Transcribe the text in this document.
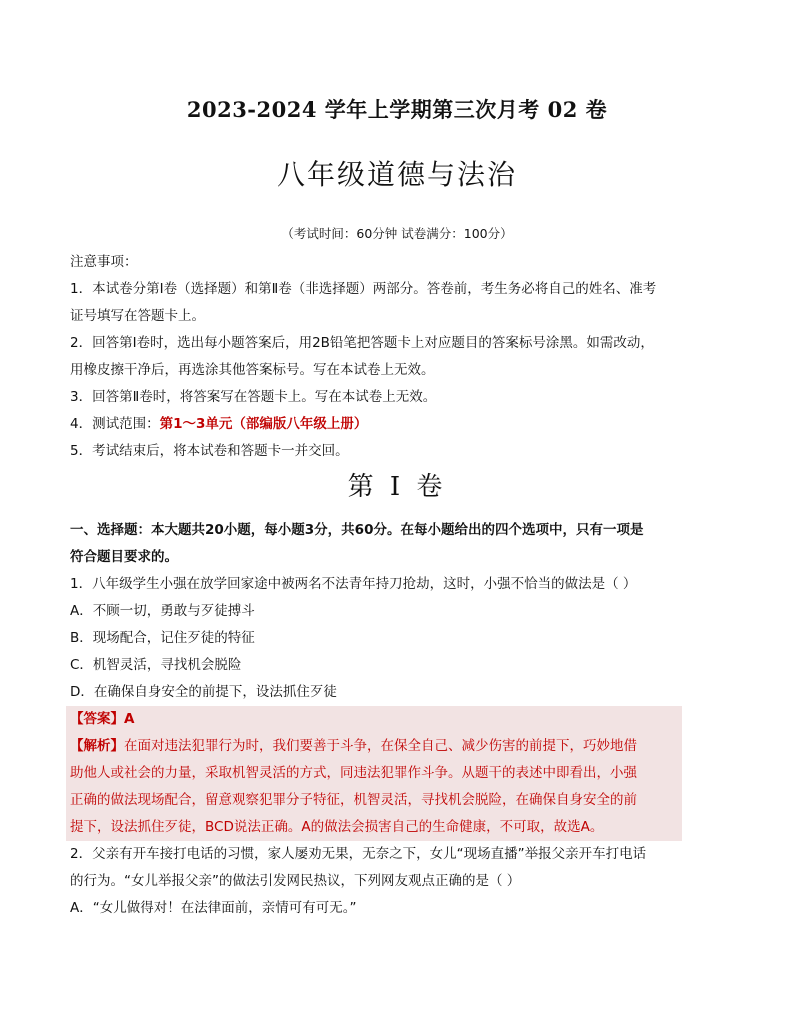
2023-2024 学年上学期第三次月考 02 卷
八年级道德与法治
（考试时间：60分钟 试卷满分：100分）
注意事项：
1．本试卷分第Ⅰ卷（选择题）和第Ⅱ卷（非选择题）两部分。答卷前，考生务必将自己的姓名、准考
证号填写在答题卡上。
2．回答第Ⅰ卷时，选出每小题答案后，用2B铅笔把答题卡上对应题目的答案标号涂黑。如需改动，
用橡皮擦干净后，再选涂其他答案标号。写在本试卷上无效。
3．回答第Ⅱ卷时，将答案写在答题卡上。写在本试卷上无效。
4．测试范围：第1～3单元（部编版八年级上册）
5．考试结束后，将本试卷和答题卡一并交回。
第 I 卷
一、选择题：本大题共20小题，每小题3分，共60分。在每小题给出的四个选项中，只有一项是
符合题目要求的。
1．八年级学生小强在放学回家途中被两名不法青年持刀抢劫，这时，小强不恰当的做法是（ ）
A．不顾一切，勇敢与歹徒搏斗
B．现场配合，记住歹徒的特征
C．机智灵活，寻找机会脱险
D．在确保自身安全的前提下，设法抓住歹徒
【答案】A
【解析】在面对违法犯罪行为时，我们要善于斗争，在保全自己、减少伤害的前提下，巧妙地借
助他人或社会的力量，采取机智灵活的方式，同违法犯罪作斗争。从题干的表述中即看出，小强
正确的做法现场配合，留意观察犯罪分子特征，机智灵活，寻找机会脱险，在确保自身安全的前
提下，设法抓住歹徒，BCD说法正确。A的做法会损害自己的生命健康，不可取，故选A。
2．父亲有开车接打电话的习惯，家人屡劝无果，无奈之下，女儿“现场直播”举报父亲开车打电话
的行为。“女儿举报父亲”的做法引发网民热议，下列网友观点正确的是（ ）
A．“女儿做得对！在法律面前，亲情可有可无。”
